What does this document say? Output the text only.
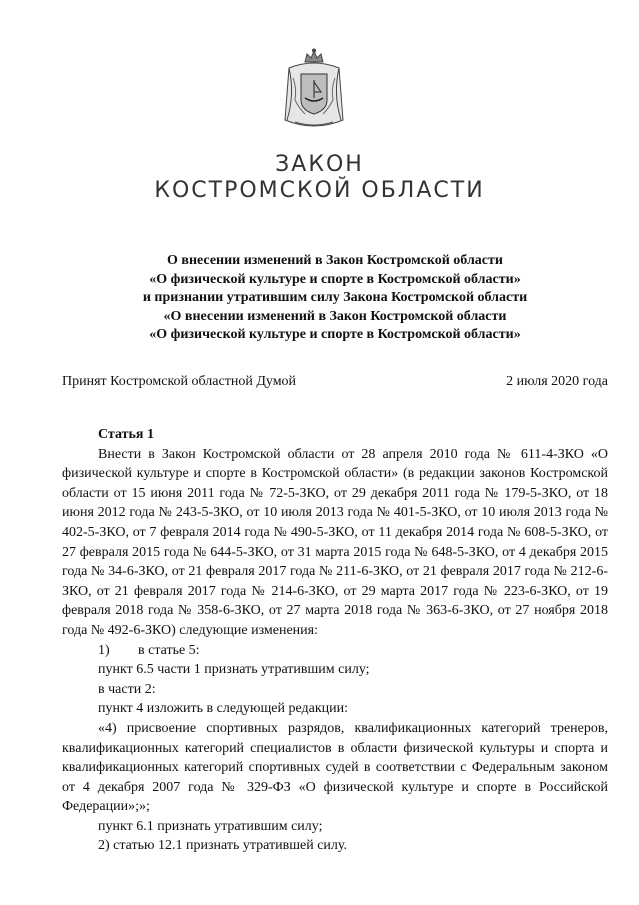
ЗАКОН
КОСТРОМСКОЙ ОБЛАСТИ
О внесении изменений в Закон Костромской области
«О физической культуре и спорте в Костромской области»
и признании утратившим силу Закона Костромской области
«О внесении изменений в Закон Костромской области
«О физической культуре и спорте в Костромской области»
Принят Костромской областной Думой	2 июля 2020 года

Статья 1

Внести в Закон Костромской области от 28 апреля 2010 года № 611-4-ЗКО «О физической культуре и спорте в Костромской области» (в редакции законов Костромской области от 15 июня 2011 года № 72-5-ЗКО, от 29 декабря 2011 года № 179-5-ЗКО, от 18 июня 2012 года № 243-5-ЗКО, от 10 июля 2013 года № 401-5-ЗКО, от 10 июля 2013 года № 402-5-ЗКО, от 7 февраля 2014 года № 490-5-ЗКО, от 11 декабря 2014 года № 608-5-ЗКО, от 27 февраля 2015 года № 644-5-ЗКО, от 31 марта 2015 года № 648-5-ЗКО, от 4 декабря 2015 года № 34-6-ЗКО, от 21 февраля 2017 года № 211-6-ЗКО, от 21 февраля 2017 года № 212-6-ЗКО, от 21 февраля 2017 года № 214-6-ЗКО, от 29 марта 2017 года № 223-6-ЗКО, от 19 февраля 2018 года № 358-6-ЗКО, от 27 марта 2018 года № 363-6-ЗКО, от 27 ноября 2018 года № 492-6-ЗКО) следующие изменения:

1) в статье 5:

пункт 6.5 части 1 признать утратившим силу;

в части 2:

пункт 4 изложить в следующей редакции:

«4) присвоение спортивных разрядов, квалификационных категорий тренеров, квалификационных категорий специалистов в области физической культуры и спорта и квалификационных категорий спортивных судей в соответствии с Федеральным законом от 4 декабря 2007 года № 329-ФЗ «О физической культуре и спорте в Российской Федерации»;»;

пункт 6.1 признать утратившим силу;

2) статью 12.1 признать утратившей силу.
